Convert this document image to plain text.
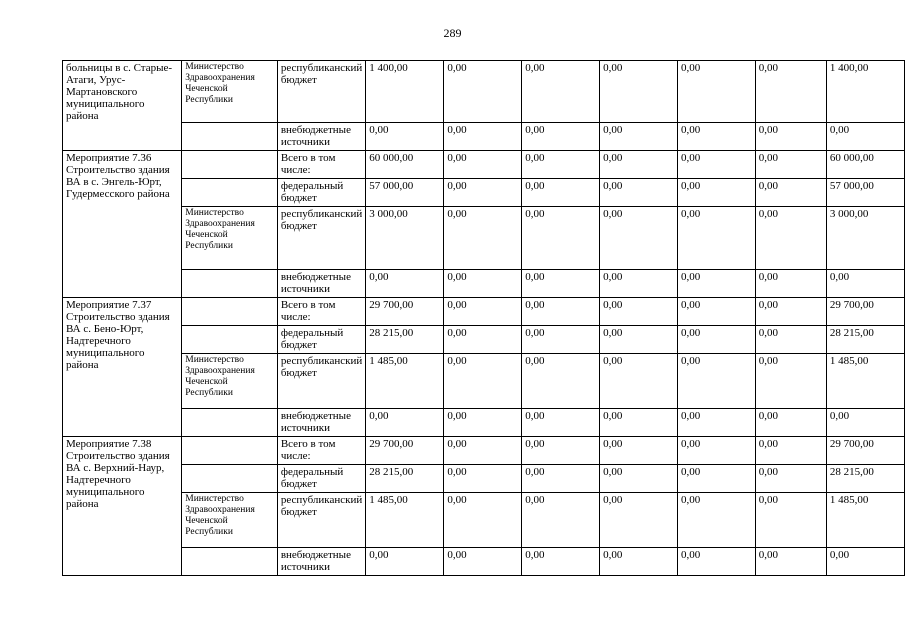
289
больницы в с. Старые-Атаги, Урус-Мартановского муниципального района	Министерство Здравоохранения Чеченской Республики	республиканский бюджет	1 400,00	0,00	0,00	0,00	0,00	0,00	1 400,00
		внебюджетные источники	0,00	0,00	0,00	0,00	0,00	0,00	0,00
Мероприятие 7.36 Строительство здания ВА в с. Энгель-Юрт, Гудермесского района		Всего в том числе:	60 000,00	0,00	0,00	0,00	0,00	0,00	60 000,00
		федеральный бюджет	57 000,00	0,00	0,00	0,00	0,00	0,00	57 000,00
	Министерство Здравоохранения Чеченской Республики	республиканский бюджет	3 000,00	0,00	0,00	0,00	0,00	0,00	3 000,00
		внебюджетные источники	0,00	0,00	0,00	0,00	0,00	0,00	0,00
Мероприятие 7.37 Строительство здания ВА с. Бено-Юрт, Надтеречного муниципального района		Всего в том числе:	29 700,00	0,00	0,00	0,00	0,00	0,00	29 700,00
		федеральный бюджет	28 215,00	0,00	0,00	0,00	0,00	0,00	28 215,00
	Министерство Здравоохранения Чеченской Республики	республиканский бюджет	1 485,00	0,00	0,00	0,00	0,00	0,00	1 485,00
		внебюджетные источники	0,00	0,00	0,00	0,00	0,00	0,00	0,00
Мероприятие 7.38 Строительство здания ВА с. Верхний-Наур, Надтеречного муниципального района		Всего в том числе:	29 700,00	0,00	0,00	0,00	0,00	0,00	29 700,00
		федеральный бюджет	28 215,00	0,00	0,00	0,00	0,00	0,00	28 215,00
	Министерство Здравоохранения Чеченской Республики	республиканский бюджет	1 485,00	0,00	0,00	0,00	0,00	0,00	1 485,00
		внебюджетные источники	0,00	0,00	0,00	0,00	0,00	0,00	0,00
